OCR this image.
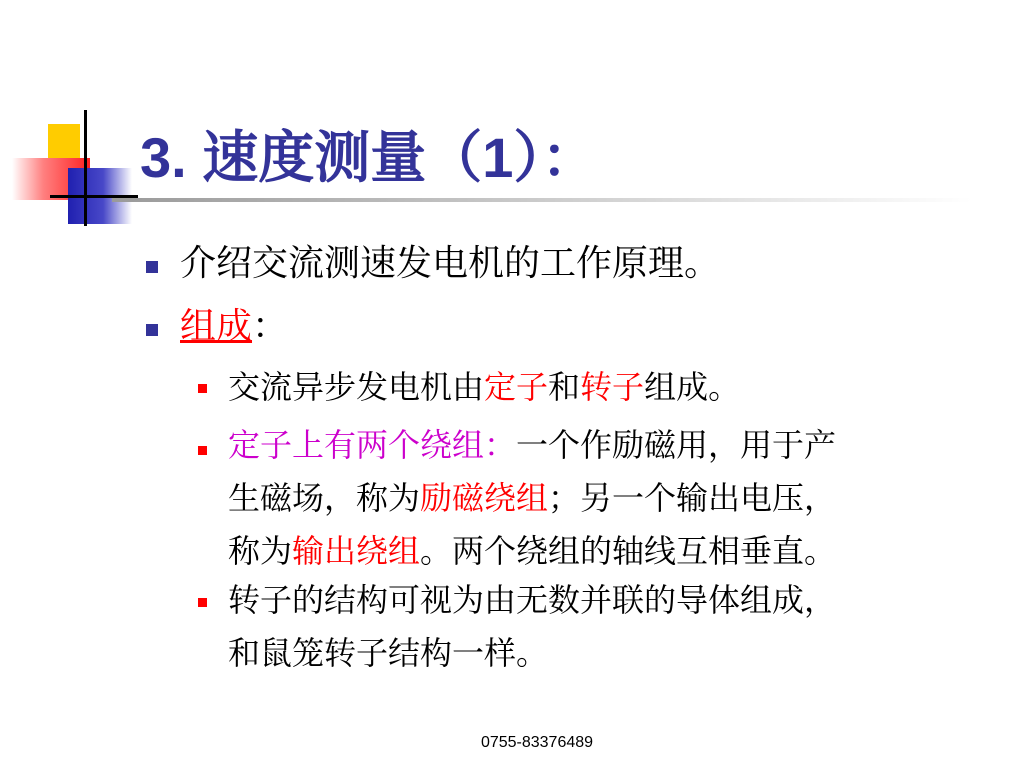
3. 速度测量（1）：
介绍交流测速发电机的工作原理。
组成：
交流异步发电机由定子和转子组成。
定子上有两个绕组：一个作励磁用，用于产
生磁场，称为励磁绕组；另一个输出电压，
称为输出绕组。两个绕组的轴线互相垂直。
转子的结构可视为由无数并联的导体组成，
和鼠笼转子结构一样。
0755-83376489
